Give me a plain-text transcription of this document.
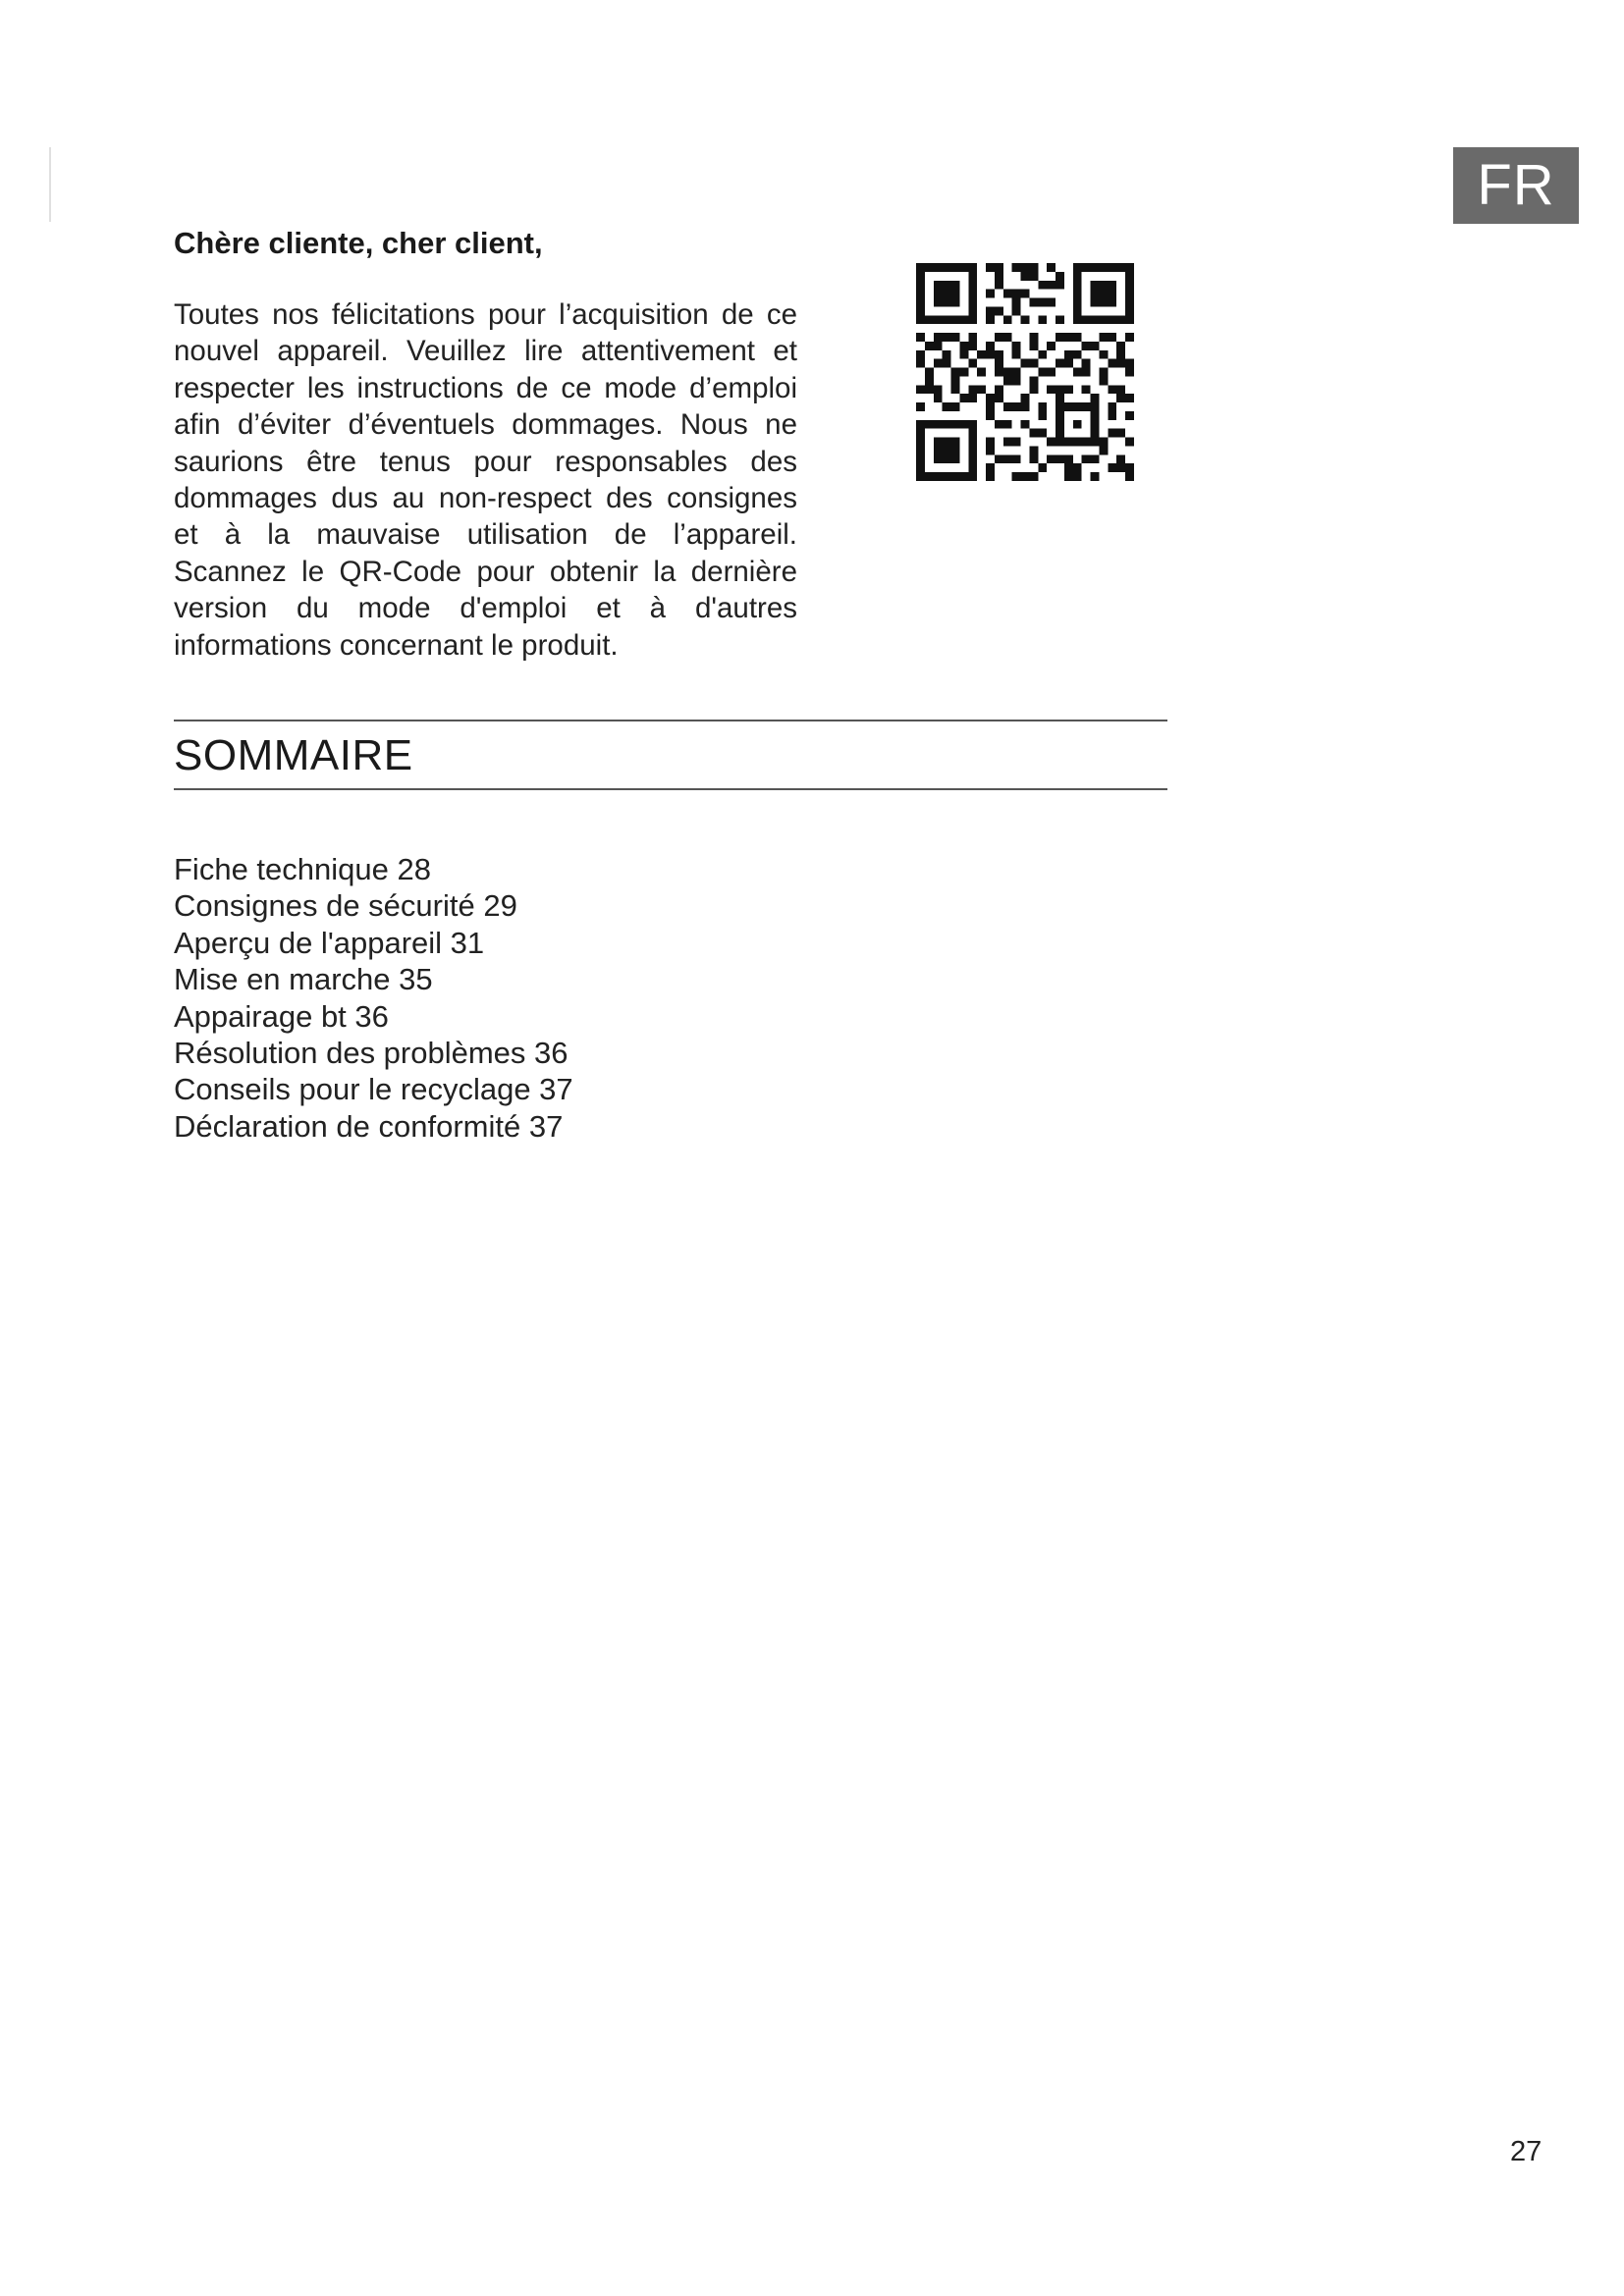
FR

Chère cliente, cher client,

Toutes nos félicitations pour l’acquisition de ce nouvel appareil. Veuillez lire attentivement et respecter les instructions de ce mode d’emploi afin d’éviter d’éventuels dommages. Nous ne saurions être tenus pour responsables des dommages dus au non-respect des consignes et à la mauvaise utilisation de l’appareil. Scannez le QR-Code pour obtenir la dernière version du mode d'emploi et à d'autres informations concernant le produit.

SOMMAIRE
Fiche technique 28
Consignes de sécurité 29
Aperçu de l'appareil 31
Mise en marche 35
Appairage bt 36
Résolution des problèmes 36
Conseils pour le recyclage 37
Déclaration de conformité 37
27
